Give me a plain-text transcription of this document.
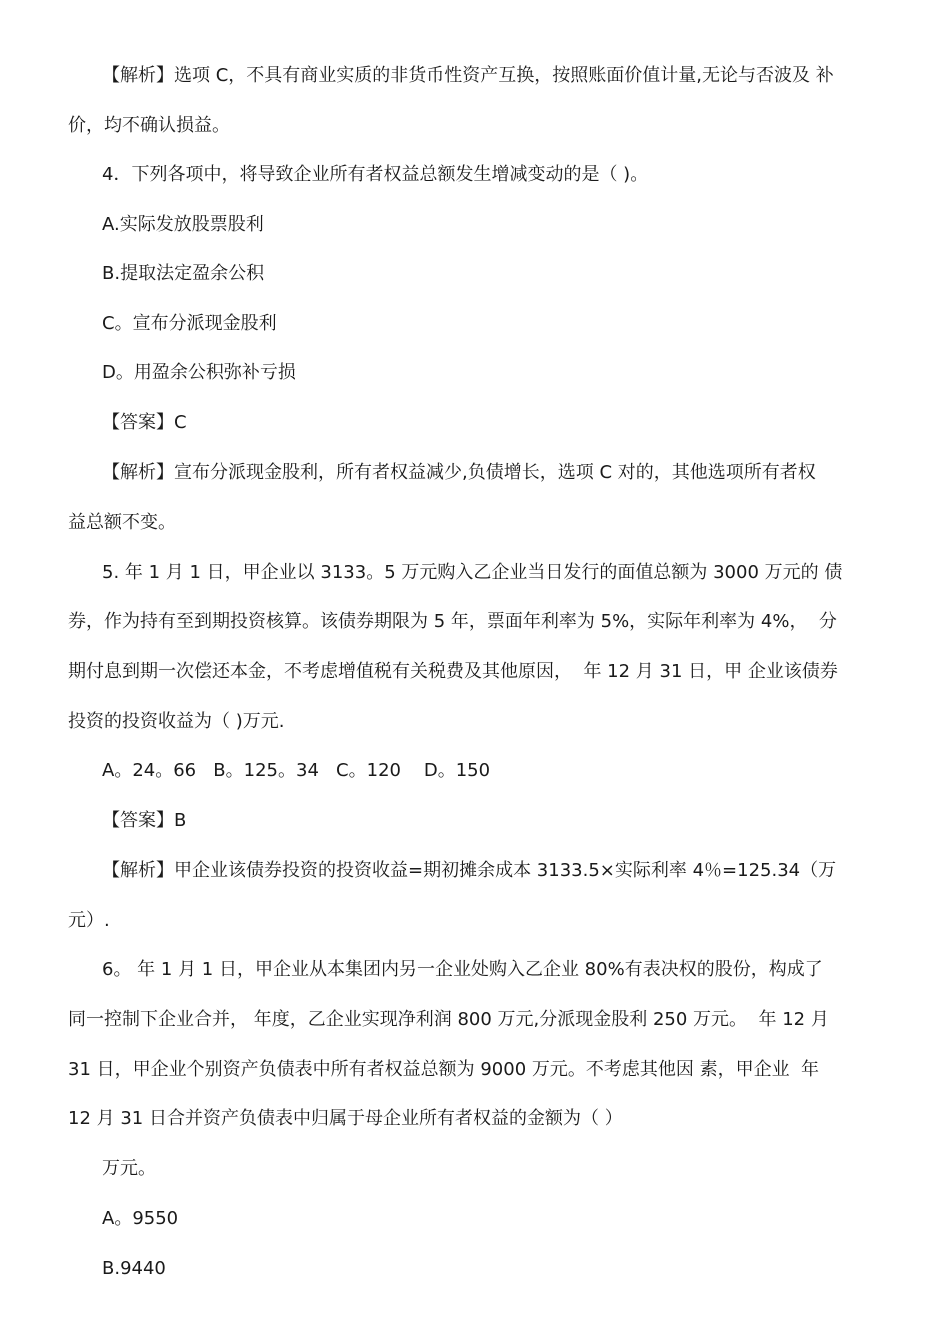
【解析】选项 C，不具有商业实质的非货币性资产互换，按照账面价值计量,无论与否波及 补
价，均不确认损益。
4．下列各项中，将导致企业所有者权益总额发生增减变动的是（ )。
A.实际发放股票股利
B.提取法定盈余公积
C。宣布分派现金股利
D。用盈余公积弥补亏损
【答案】C
【解析】宣布分派现金股利，所有者权益减少,负债增长，选项 C 对的，其他选项所有者权
益总额不变。
5. 年 1 月 1 日，甲企业以 3133。5 万元购入乙企业当日发行的面值总额为 3000 万元的 债
券，作为持有至到期投资核算。该债券期限为 5 年，票面年利率为 5%，实际年利率为 4%，  分
期付息到期一次偿还本金，不考虑增值税有关税费及其他原因，  年 12 月 31 日，甲 企业该债券
投资的投资收益为（ )万元.
A。24。66   B。125。34   C。120    D。150
【答案】B
【解析】甲企业该债券投资的投资收益=期初摊余成本 3133.5×实际利率 4％=125.34（万
元）.
6。 年 1 月 1 日，甲企业从本集团内另一企业处购入乙企业 80%有表决权的股份，构成了
同一控制下企业合并， 年度，乙企业实现净利润 800 万元,分派现金股利 250 万元。  年 12 月
31 日，甲企业个别资产负债表中所有者权益总额为 9000 万元。不考虑其他因 素，甲企业  年
12 月 31 日合并资产负债表中归属于母企业所有者权益的金额为（ ）
万元。
A。9550
B.9440
